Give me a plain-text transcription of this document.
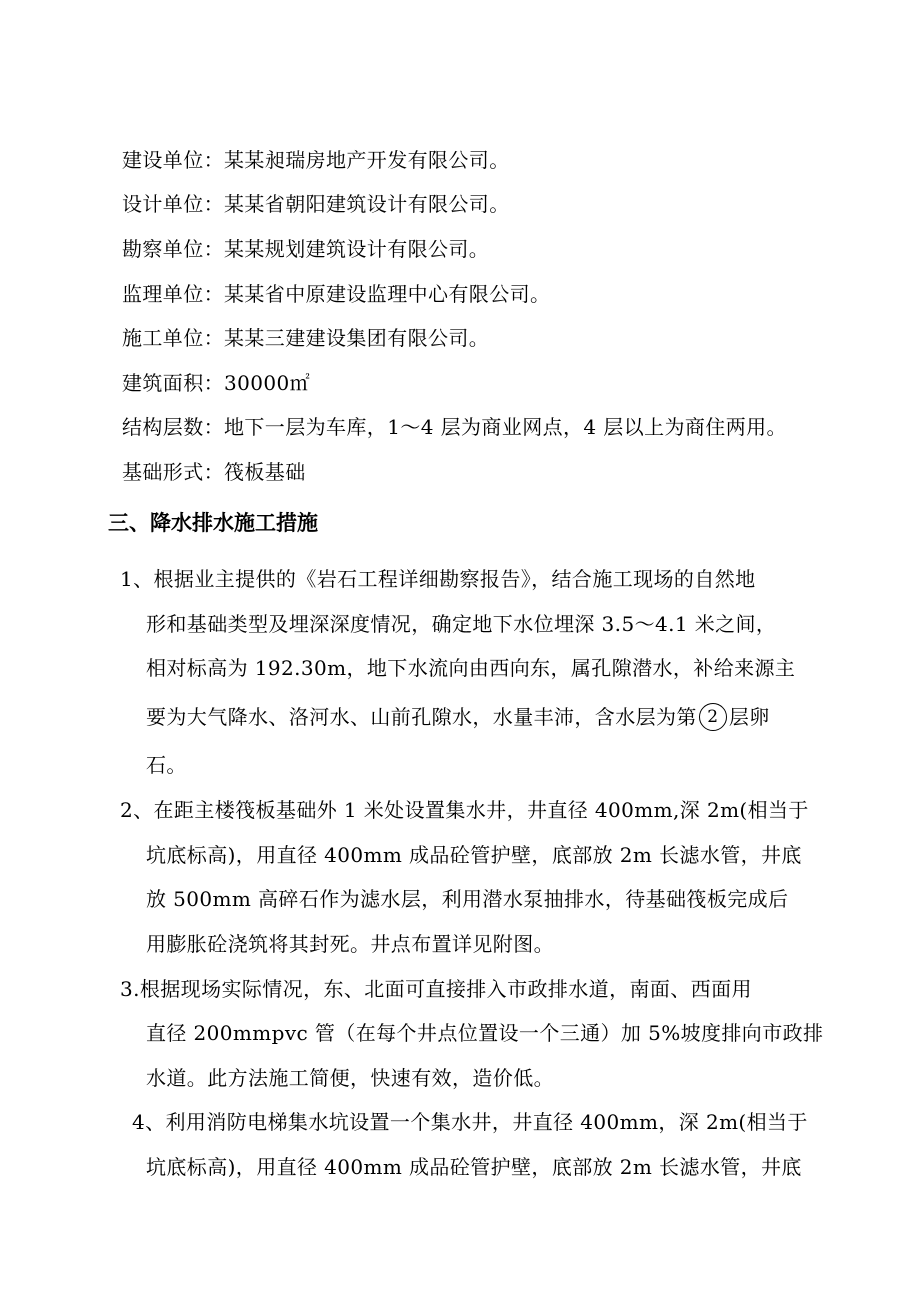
建设单位：某某昶瑞房地产开发有限公司。
设计单位：某某省朝阳建筑设计有限公司。
勘察单位：某某规划建筑设计有限公司。
监理单位：某某省中原建设监理中心有限公司。
施工单位：某某三建建设集团有限公司。
建筑面积：30000㎡
结构层数：地下一层为车库，1～4 层为商业网点，4 层以上为商住两用。
基础形式：筏板基础
三、降水排水施工措施
1、根据业主提供的《岩石工程详细勘察报告》，结合施工现场的自然地
形和基础类型及埋深深度情况，确定地下水位埋深 3.5～4.1 米之间，
相对标高为 192.30m，地下水流向由西向东，属孔隙潜水，补给来源主
要为大气降水、洛河水、山前孔隙水，水量丰沛，含水层为第 2 层卵
石。
2、在距主楼筏板基础外 1 米处设置集水井，井直径 400mm,深 2m(相当于
坑底标高)，用直径 400mm 成品砼管护壁，底部放 2m 长滤水管，井底
放 500mm 高碎石作为滤水层，利用潜水泵抽排水，待基础筏板完成后
用膨胀砼浇筑将其封死。井点布置详见附图。
3.根据现场实际情况，东、北面可直接排入市政排水道，南面、西面用
直径 200mmpvc 管（在每个井点位置设一个三通）加 5%坡度排向市政排
水道。此方法施工简便，快速有效，造价低。
4、利用消防电梯集水坑设置一个集水井，井直径 400mm，深 2m(相当于
坑底标高)，用直径 400mm 成品砼管护壁，底部放 2m 长滤水管，井底
